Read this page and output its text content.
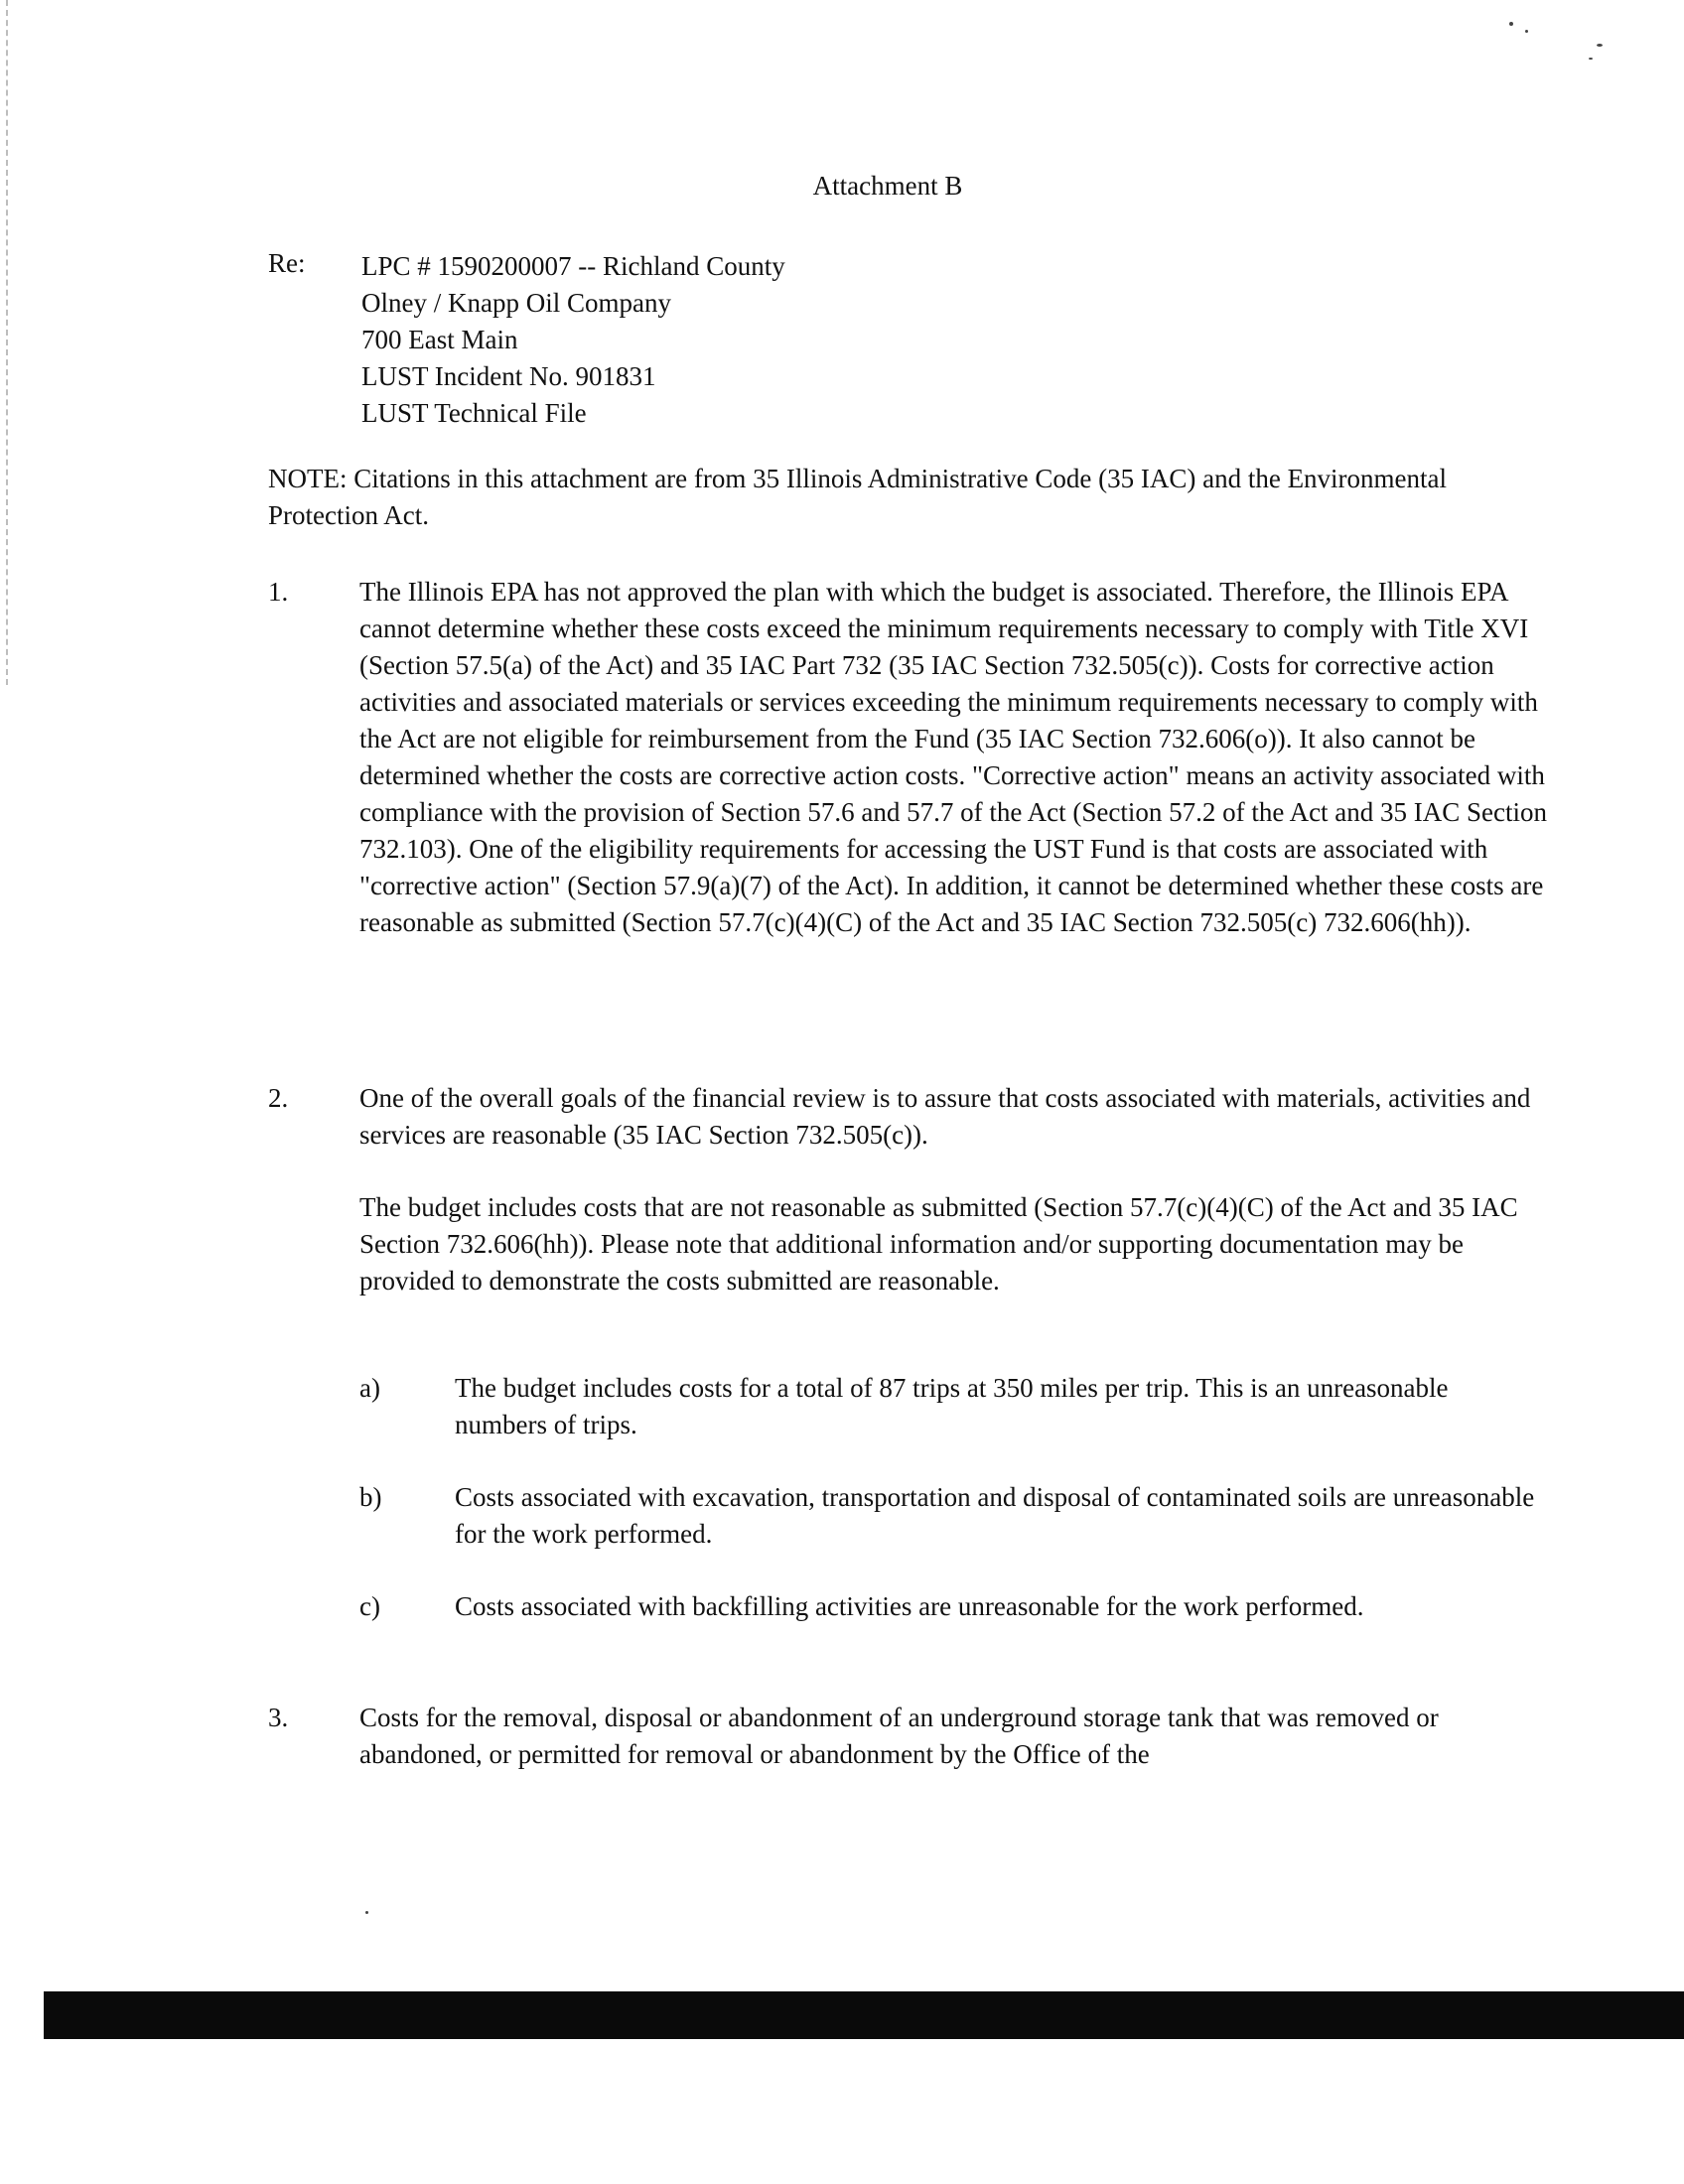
Attachment B
Re: LPC # 1590200007 -- Richland County
Olney / Knapp Oil Company
700 East Main
LUST Incident No. 901831
LUST Technical File
NOTE: Citations in this attachment are from 35 Illinois Administrative Code (35 IAC) and the Environmental Protection Act.
1.	The Illinois EPA has not approved the plan with which the budget is associated. Therefore, the Illinois EPA cannot determine whether these costs exceed the minimum requirements necessary to comply with Title XVI (Section 57.5(a) of the Act) and 35 IAC Part 732 (35 IAC Section 732.505(c)). Costs for corrective action activities and associated materials or services exceeding the minimum requirements necessary to comply with the Act are not eligible for reimbursement from the Fund (35 IAC Section 732.606(o)). It also cannot be determined whether the costs are corrective action costs. "Corrective action" means an activity associated with compliance with the provision of Section 57.6 and 57.7 of the Act (Section 57.2 of the Act and 35 IAC Section 732.103). One of the eligibility requirements for accessing the UST Fund is that costs are associated with "corrective action" (Section 57.9(a)(7) of the Act). In addition, it cannot be determined whether these costs are reasonable as submitted (Section 57.7(c)(4)(C) of the Act and 35 IAC Section 732.505(c) 732.606(hh)).
2.	One of the overall goals of the financial review is to assure that costs associated with materials, activities and services are reasonable (35 IAC Section 732.505(c)).
The budget includes costs that are not reasonable as submitted (Section 57.7(c)(4)(C) of the Act and 35 IAC Section 732.606(hh)). Please note that additional information and/or supporting documentation may be provided to demonstrate the costs submitted are reasonable.
a)	The budget includes costs for a total of 87 trips at 350 miles per trip. This is an unreasonable numbers of trips.
b)	Costs associated with excavation, transportation and disposal of contaminated soils are unreasonable for the work performed.
c)	Costs associated with backfilling activities are unreasonable for the work performed.
3.	Costs for the removal, disposal or abandonment of an underground storage tank that was removed or abandoned, or permitted for removal or abandonment by the Office of the
